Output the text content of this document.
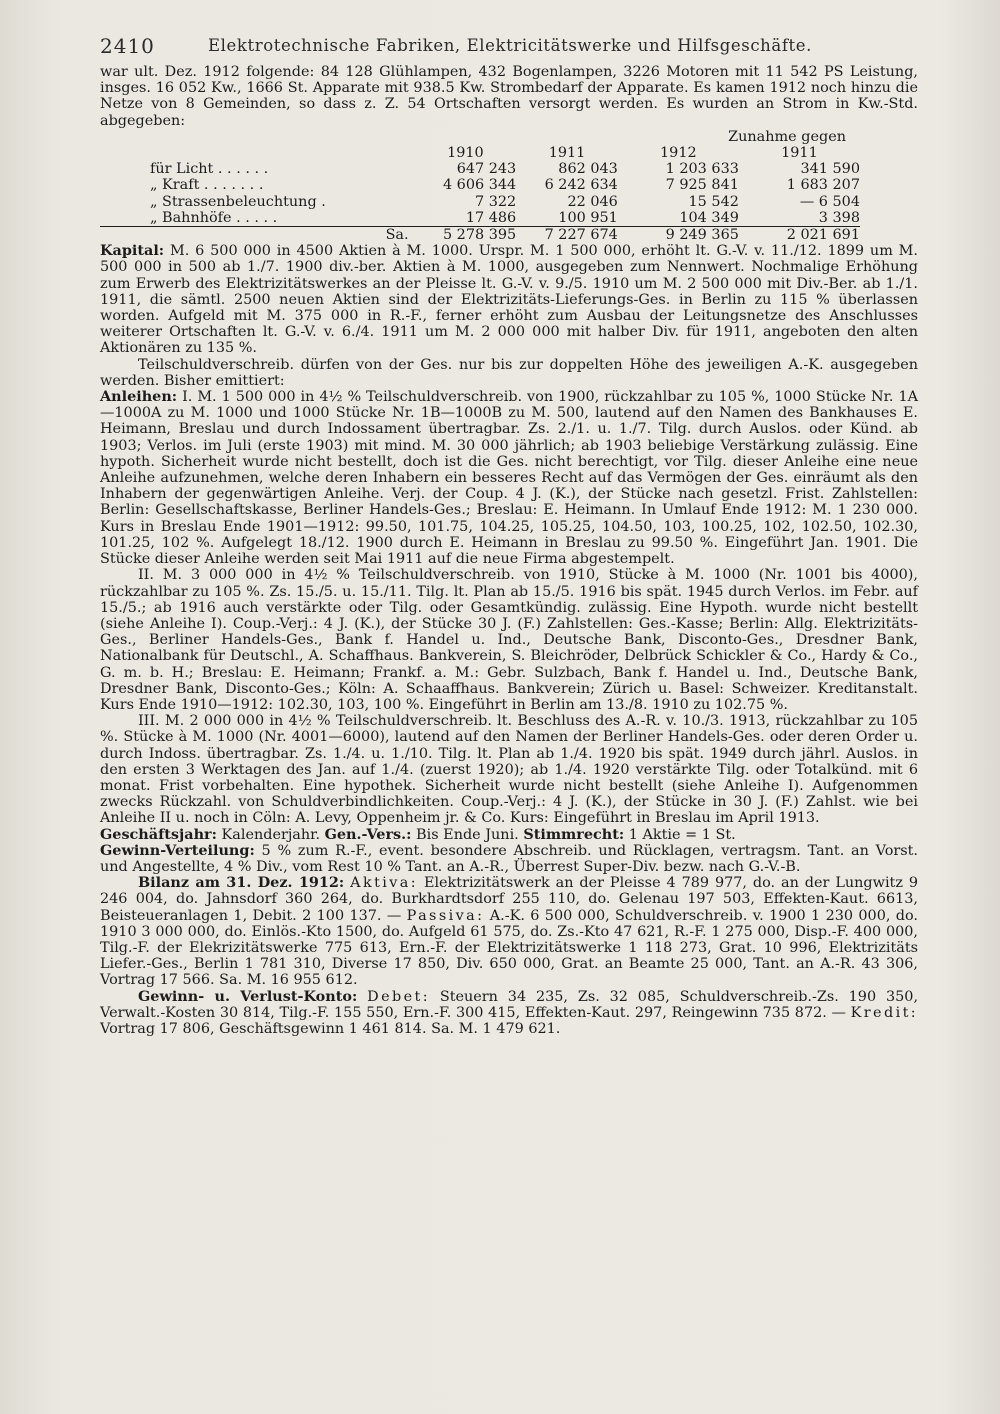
2410	Elektrotechnische Fabriken, Elektricitätswerke und Hilfsgeschäfte.

war ult. Dez. 1912 folgende: 84 128 Glühlampen, 432 Bogenlampen, 3226 Motoren mit 11 542 PS Leistung, insges. 16 052 Kw., 1666 St. Apparate mit 938.5 Kw. Strombedarf der Apparate. Es kamen 1912 noch hinzu die Netze von 8 Gemeinden, so dass z. Z. 54 Ortschaften versorgt werden. Es wurden an Strom in Kw.-Std. abgegeben:

Zunahme gegen				
	1910	1911	1912	1911
für Licht . . . . . .	647 243	862 043	1 203 633	341 590
„ Kraft . . . . . . .	4 606 344	6 242 634	7 925 841	1 683 207
„ Strassenbeleuchtung .	7 322	22 046	15 542	— 6 504
„ Bahnhöfe . . . . .	17 486	100 951	104 349	3 398
Sa.	5 278 395	7 227 674	9 249 365	2 021 691

Kapital: M. 6 500 000 in 4500 Aktien à M. 1000. Urspr. M. 1 500 000, erhöht lt. G.-V. v. 11./12. 1899 um M. 500 000 in 500 ab 1./7. 1900 div.-ber. Aktien à M. 1000, ausgegeben zum Nennwert. Nochmalige Erhöhung zum Erwerb des Elektrizitätswerkes an der Pleisse lt. G.-V. v. 9./5. 1910 um M. 2 500 000 mit Div.-Ber. ab 1./1. 1911, die sämtl. 2500 neuen Aktien sind der Elektrizitäts-Lieferungs-Ges. in Berlin zu 115 % überlassen worden. Aufgeld mit M. 375 000 in R.-F., ferner erhöht zum Ausbau der Leitungsnetze des Anschlusses weiterer Ortschaften lt. G.-V. v. 6./4. 1911 um M. 2 000 000 mit halber Div. für 1911, angeboten den alten Aktionären zu 135 %.

Teilschuldverschreib. dürfen von der Ges. nur bis zur doppelten Höhe des jeweiligen A.-K. ausgegeben werden. Bisher emittiert:

Anleihen: I. M. 1 500 000 in 4½ % Teilschuldverschreib. von 1900, rückzahlbar zu 105 %, 1000 Stücke Nr. 1A—1000A zu M. 1000 und 1000 Stücke Nr. 1B—1000B zu M. 500, lautend auf den Namen des Bankhauses E. Heimann, Breslau und durch Indossament übertragbar. Zs. 2./1. u. 1./7. Tilg. durch Auslos. oder Künd. ab 1903; Verlos. im Juli (erste 1903) mit mind. M. 30 000 jährlich; ab 1903 beliebige Verstärkung zulässig. Eine hypoth. Sicherheit wurde nicht bestellt, doch ist die Ges. nicht berechtigt, vor Tilg. dieser Anleihe eine neue Anleihe aufzunehmen, welche deren Inhabern ein besseres Recht auf das Vermögen der Ges. einräumt als den Inhabern der gegenwärtigen Anleihe. Verj. der Coup. 4 J. (K.), der Stücke nach gesetzl. Frist. Zahlstellen: Berlin: Gesellschaftskasse, Berliner Handels-Ges.; Breslau: E. Heimann. In Umlauf Ende 1912: M. 1 230 000. Kurs in Breslau Ende 1901—1912: 99.50, 101.75, 104.25, 105.25, 104.50, 103, 100.25, 102, 102.50, 102.30, 101.25, 102 %. Aufgelegt 18./12. 1900 durch E. Heimann in Breslau zu 99.50 %. Eingeführt Jan. 1901. Die Stücke dieser Anleihe werden seit Mai 1911 auf die neue Firma abgestempelt.

II. M. 3 000 000 in 4½ % Teilschuldverschreib. von 1910, Stücke à M. 1000 (Nr. 1001 bis 4000), rückzahlbar zu 105 %. Zs. 15./5. u. 15./11. Tilg. lt. Plan ab 15./5. 1916 bis spät. 1945 durch Verlos. im Febr. auf 15./5.; ab 1916 auch verstärkte oder Tilg. oder Gesamtkündig. zulässig. Eine Hypoth. wurde nicht bestellt (siehe Anleihe I). Coup.-Verj.: 4 J. (K.), der Stücke 30 J. (F.) Zahlstellen: Ges.-Kasse; Berlin: Allg. Elektrizitäts-Ges., Berliner Handels-Ges., Bank f. Handel u. Ind., Deutsche Bank, Disconto-Ges., Dresdner Bank, Nationalbank für Deutschl., A. Schaffhaus. Bankverein, S. Bleichröder, Delbrück Schickler & Co., Hardy & Co., G. m. b. H.; Breslau: E. Heimann; Frankf. a. M.: Gebr. Sulzbach, Bank f. Handel u. Ind., Deutsche Bank, Dresdner Bank, Disconto-Ges.; Köln: A. Schaaffhaus. Bankverein; Zürich u. Basel: Schweizer. Kreditanstalt. Kurs Ende 1910—1912: 102.30, 103, 100 %. Eingeführt in Berlin am 13./8. 1910 zu 102.75 %.

III. M. 2 000 000 in 4½ % Teilschuldverschreib. lt. Beschluss des A.-R. v. 10./3. 1913, rückzahlbar zu 105 %. Stücke à M. 1000 (Nr. 4001—6000), lautend auf den Namen der Berliner Handels-Ges. oder deren Order u. durch Indoss. übertragbar. Zs. 1./4. u. 1./10. Tilg. lt. Plan ab 1./4. 1920 bis spät. 1949 durch jährl. Auslos. in den ersten 3 Werktagen des Jan. auf 1./4. (zuerst 1920); ab 1./4. 1920 verstärkte Tilg. oder Totalkünd. mit 6 monat. Frist vorbehalten. Eine hypothek. Sicherheit wurde nicht bestellt (siehe Anleihe I). Aufgenommen zwecks Rückzahl. von Schuldverbindlichkeiten. Coup.-Verj.: 4 J. (K.), der Stücke in 30 J. (F.) Zahlst. wie bei Anleihe II u. noch in Cöln: A. Levy, Oppenheim jr. & Co. Kurs: Eingeführt in Breslau im April 1913.

Geschäftsjahr: Kalenderjahr. Gen.-Vers.: Bis Ende Juni. Stimmrecht: 1 Aktie = 1 St.

Gewinn-Verteilung: 5 % zum R.-F., event. besondere Abschreib. und Rücklagen, vertragsm. Tant. an Vorst. und Angestellte, 4 % Div., vom Rest 10 % Tant. an A.-R., Überrest Super-Div. bezw. nach G.-V.-B.

Bilanz am 31. Dez. 1912: Aktiva: Elektrizitätswerk an der Pleisse 4 789 977, do. an der Lungwitz 9 246 004, do. Jahnsdorf 360 264, do. Burkhardtsdorf 255 110, do. Gelenau 197 503, Effekten-Kaut. 6613, Beisteueranlagen 1, Debit. 2 100 137. — Passiva: A.-K. 6 500 000, Schuldverschreib. v. 1900 1 230 000, do. 1910 3 000 000, do. Einlös.-Kto 1500, do. Aufgeld 61 575, do. Zs.-Kto 47 621, R.-F. 1 275 000, Disp.-F. 400 000, Tilg.-F. der Elekrizitätswerke 775 613, Ern.-F. der Elektrizitätswerke 1 118 273, Grat. 10 996, Elektrizitäts Liefer.-Ges., Berlin 1 781 310, Diverse 17 850, Div. 650 000, Grat. an Beamte 25 000, Tant. an A.-R. 43 306, Vortrag 17 566. Sa. M. 16 955 612.

Gewinn- u. Verlust-Konto: Debet: Steuern 34 235, Zs. 32 085, Schuldverschreib.-Zs. 190 350, Verwalt.-Kosten 30 814, Tilg.-F. 155 550, Ern.-F. 300 415, Effekten-Kaut. 297, Reingewinn 735 872. — Kredit: Vortrag 17 806, Geschäftsgewinn 1 461 814. Sa. M. 1 479 621.
